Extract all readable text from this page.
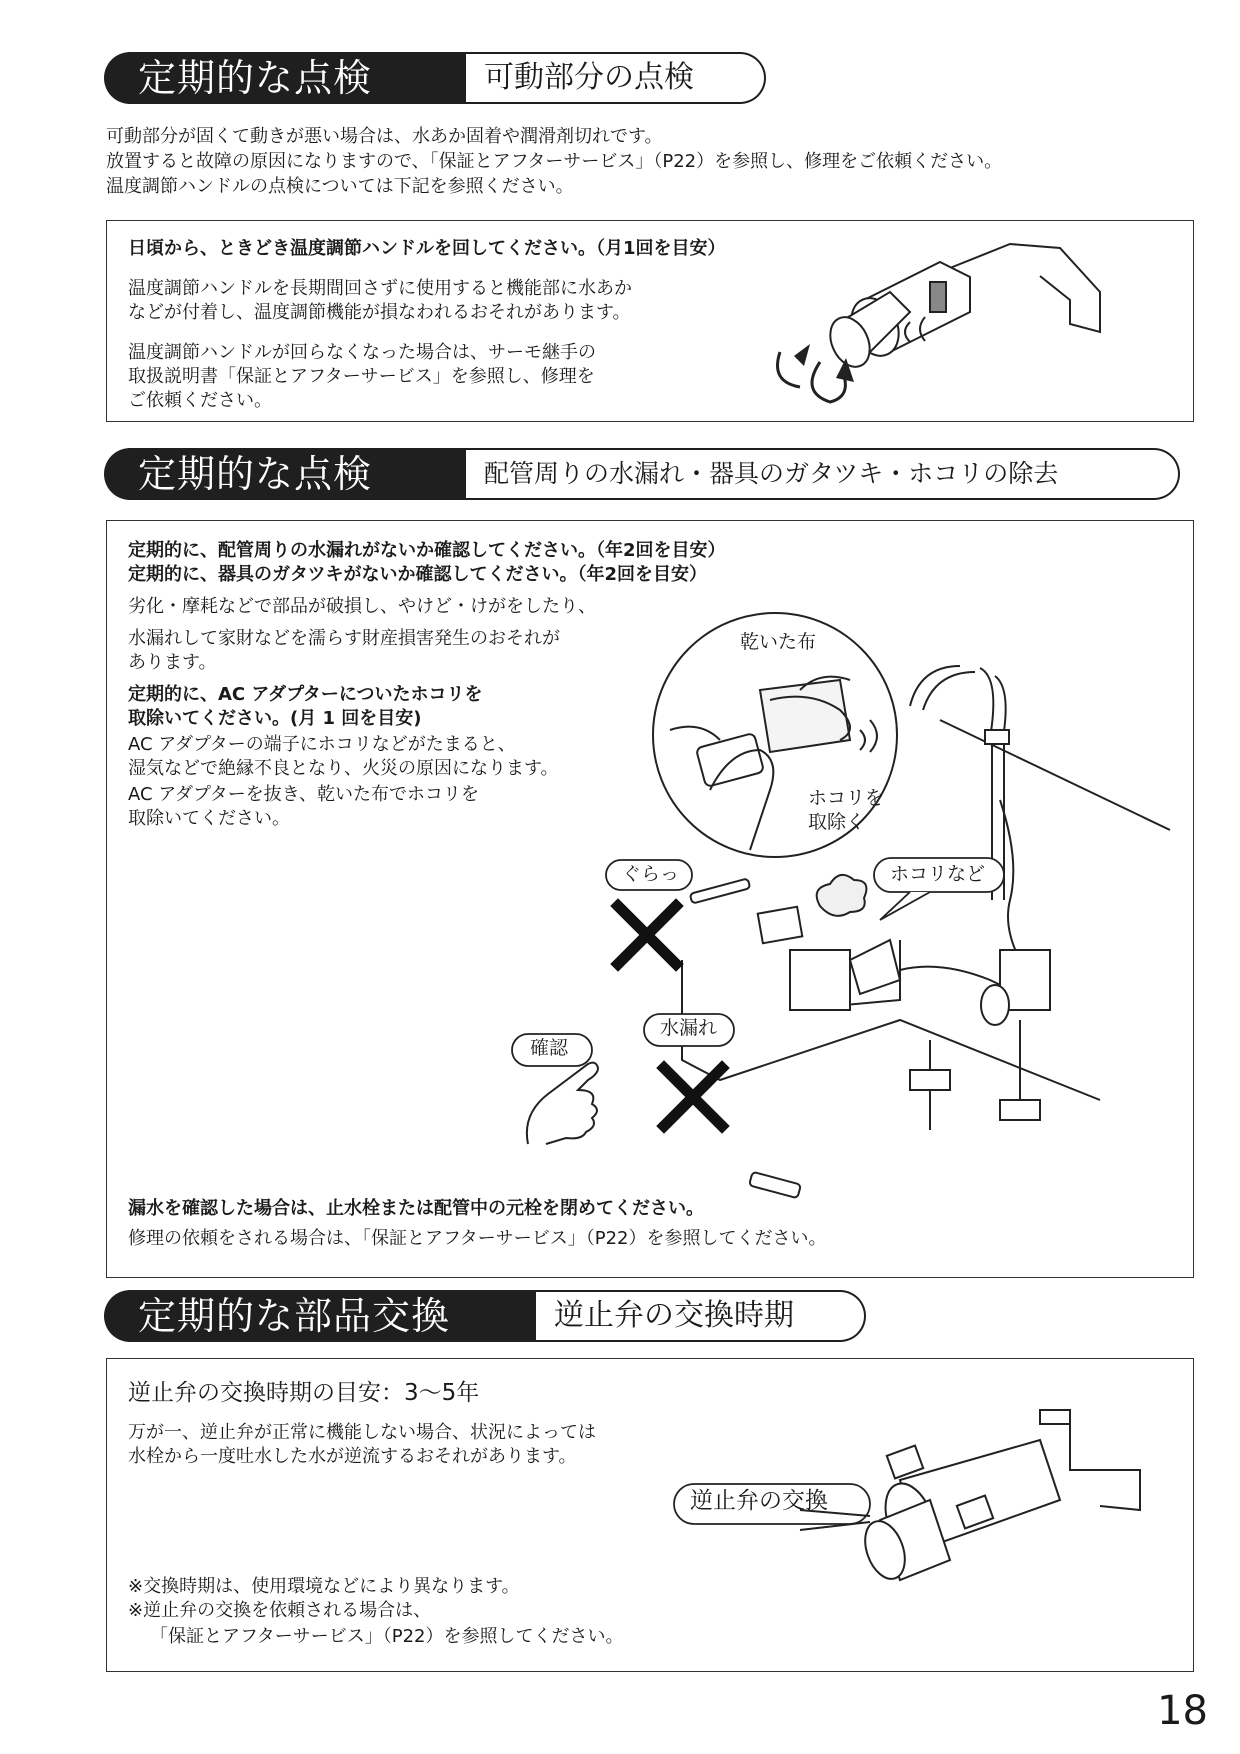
定期的な点検	可動部分の点検
可動部分が固くて動きが悪い場合は、水あか固着や潤滑剤切れです。
放置すると故障の原因になりますので、「保証とアフターサービス」（P22）を参照し、修理をご依頼ください。
温度調節ハンドルの点検については下記を参照ください。
日頃から、ときどき温度調節ハンドルを回してください。（月1回を目安）
温度調節ハンドルを長期間回さずに使用すると機能部に水あか
などが付着し、温度調節機能が損なわれるおそれがあります。
温度調節ハンドルが回らなくなった場合は、サーモ継手の
取扱説明書「保証とアフターサービス」を参照し、修理を
ご依頼ください。
定期的な点検	配管周りの水漏れ・器具のガタツキ・ホコリの除去
定期的に、配管周りの水漏れがないか確認してください。（年2回を目安）
定期的に、器具のガタツキがないか確認してください。（年2回を目安）
劣化・摩耗などで部品が破損し、やけど・けがをしたり、
水漏れして家財などを濡らす財産損害発生のおそれが
あります。
定期的に、AC アダプターについたホコリを
取除いてください。(月 1 回を目安)
AC アダプターの端子にホコリなどがたまると、
湿気などで絶縁不良となり、火災の原因になります。
AC アダプターを抜き、乾いた布でホコリを
取除いてください。
乾いた布
ホコリを
取除く
ぐらっ	ホコリなど
水漏れ
確認
漏水を確認した場合は、止水栓または配管中の元栓を閉めてください。
修理の依頼をされる場合は、「保証とアフターサービス」（P22）を参照してください。
定期的な部品交換	逆止弁の交換時期
逆止弁の交換時期の目安：3〜5年
万が一、逆止弁が正常に機能しない場合、状況によっては
水栓から一度吐水した水が逆流するおそれがあります。
逆止弁の交換
※交換時期は、使用環境などにより異なります。
※逆止弁の交換を依頼される場合は、
「保証とアフターサービス」（P22）を参照してください。
18
